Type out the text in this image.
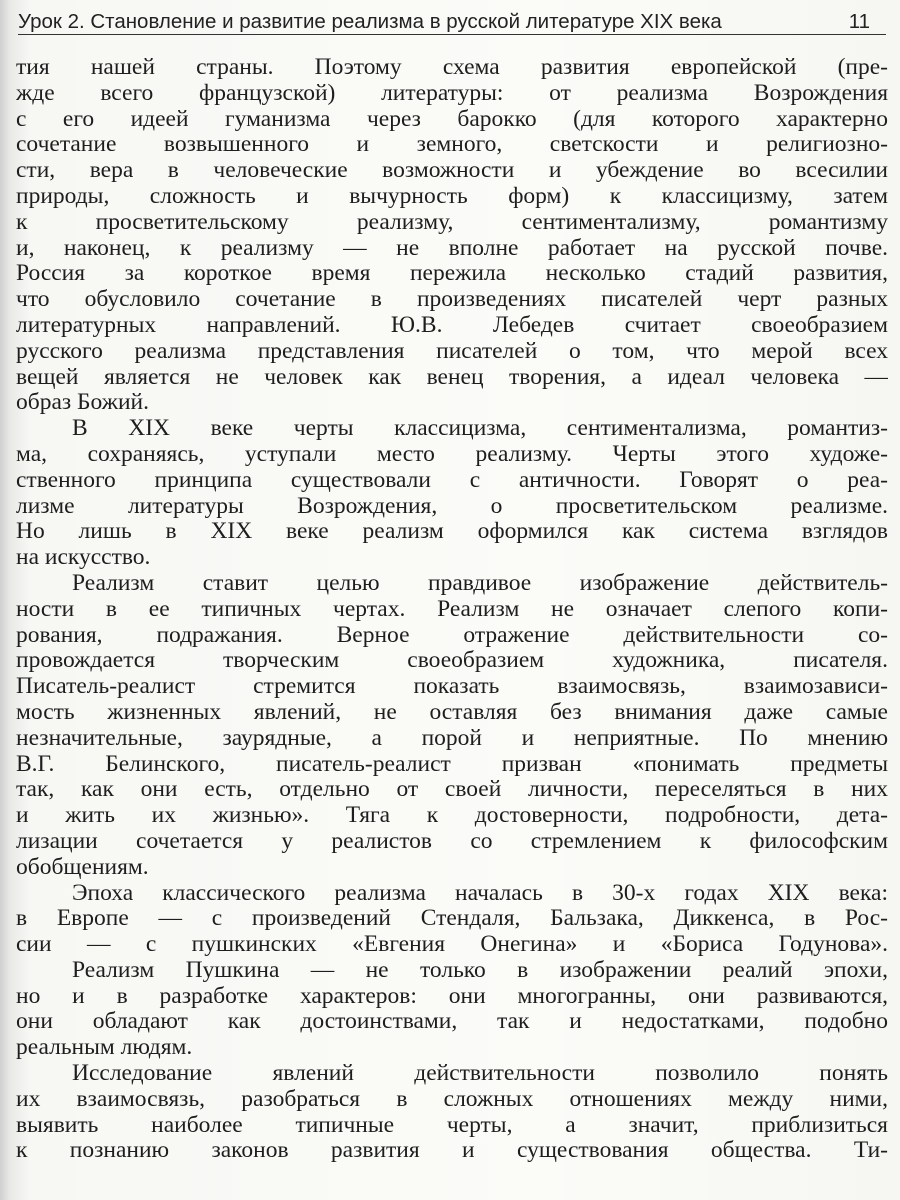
Урок 2. Становление и развитие реализма в русской литературе XIX века	11
тия нашей страны. Поэтому схема развития европейской (пре-
жде всего французской) литературы: от реализма Возрождения
с его идеей гуманизма через барокко (для которого характерно
сочетание возвышенного и земного, светскости и религиозно-
сти, вера в человеческие возможности и убеждение во всесилии
природы, сложность и вычурность форм) к классицизму, затем
к просветительскому реализму, сентиментализму, романтизму
и, наконец, к реализму — не вполне работает на русской почве.
Россия за короткое время пережила несколько стадий развития,
что обусловило сочетание в произведениях писателей черт разных
литературных направлений. Ю.В. Лебедев считает своеобразием
русского реализма представления писателей о том, что мерой всех
вещей является не человек как венец творения, а идеал человека —
образ Божий.
В XIX веке черты классицизма, сентиментализма, романтиз-
ма, сохраняясь, уступали место реализму. Черты этого художе-
ственного принципа существовали с античности. Говорят о реа-
лизме литературы Возрождения, о просветительском реализме.
Но лишь в XIX веке реализм оформился как система взглядов
на искусство.
Реализм ставит целью правдивое изображение действитель-
ности в ее типичных чертах. Реализм не означает слепого копи-
рования, подражания. Верное отражение действительности со-
провождается творческим своеобразием художника, писателя.
Писатель-реалист стремится показать взаимосвязь, взаимозависи-
мость жизненных явлений, не оставляя без внимания даже самые
незначительные, заурядные, а порой и неприятные. По мнению
В.Г. Белинского, писатель-реалист призван «понимать предметы
так, как они есть, отдельно от своей личности, переселяться в них
и жить их жизнью». Тяга к достоверности, подробности, дета-
лизации сочетается у реалистов со стремлением к философским
обобщениям.
Эпоха классического реализма началась в 30-х годах XIX века:
в Европе — с произведений Стендаля, Бальзака, Диккенса, в Рос-
сии — с пушкинских «Евгения Онегина» и «Бориса Годунова».
Реализм Пушкина — не только в изображении реалий эпохи,
но и в разработке характеров: они многогранны, они развиваются,
они обладают как достоинствами, так и недостатками, подобно
реальным людям.
Исследование явлений действительности позволило понять
их взаимосвязь, разобраться в сложных отношениях между ними,
выявить наиболее типичные черты, а значит, приблизиться
к познанию законов развития и существования общества. Ти-
